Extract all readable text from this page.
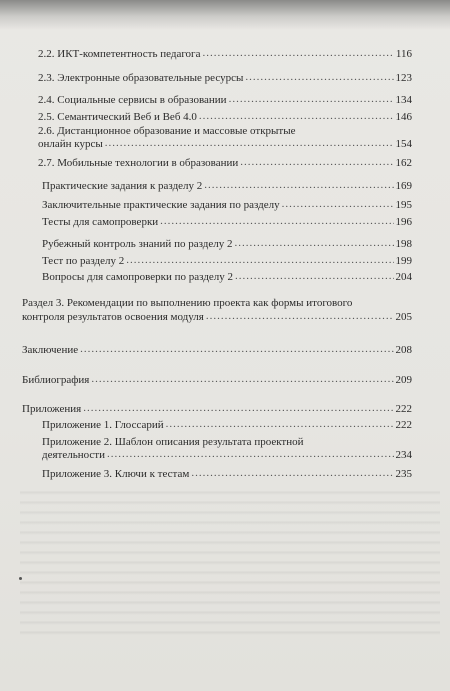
2.2. ИКТ-компетентность педагога .....	116
2.3. Электронные образовательные ресурсы .....	123
2.4. Социальные сервисы в образовании .....	134
2.5. Семантический Веб и Веб 4.0 .....	146
2.6. Дистанционное образование и массовые открытые
онлайн курсы .....	154
2.7. Мобильные технологии в образовании .....	162
Практические задания к разделу 2 .....	169
Заключительные практические задания по разделу .....	195
Тесты для самопроверки .....	196
Рубежный контроль знаний по разделу 2 .....	198
Тест по разделу 2 .....	199
Вопросы для самопроверки по разделу 2 .....	204
Раздел 3. Рекомендации по выполнению проекта как формы итогового
контроля результатов освоения модуля .....	205
Заключение .....	208
Библиография .....	209
Приложения .....	222
Приложение 1. Глоссарий .....	222
Приложение 2. Шаблон описания результата проектной
деятельности .....	234
Приложение 3. Ключи к тестам .....	235
